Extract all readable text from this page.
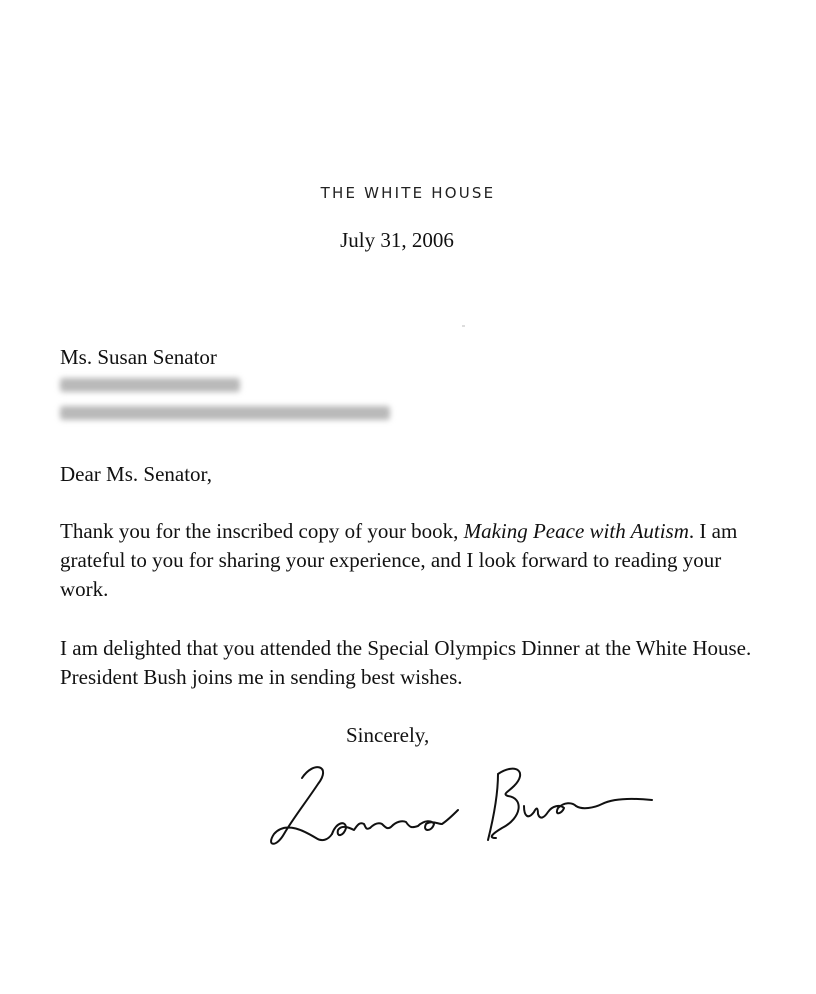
THE WHITE HOUSE
July 31, 2006
Ms. Susan Senator
Dear Ms. Senator,
Thank you for the inscribed copy of your book, Making Peace with Autism. I am grateful to you for sharing your experience, and I look forward to reading your work.
I am delighted that you attended the Special Olympics Dinner at the White House. President Bush joins me in sending best wishes.
Sincerely,
